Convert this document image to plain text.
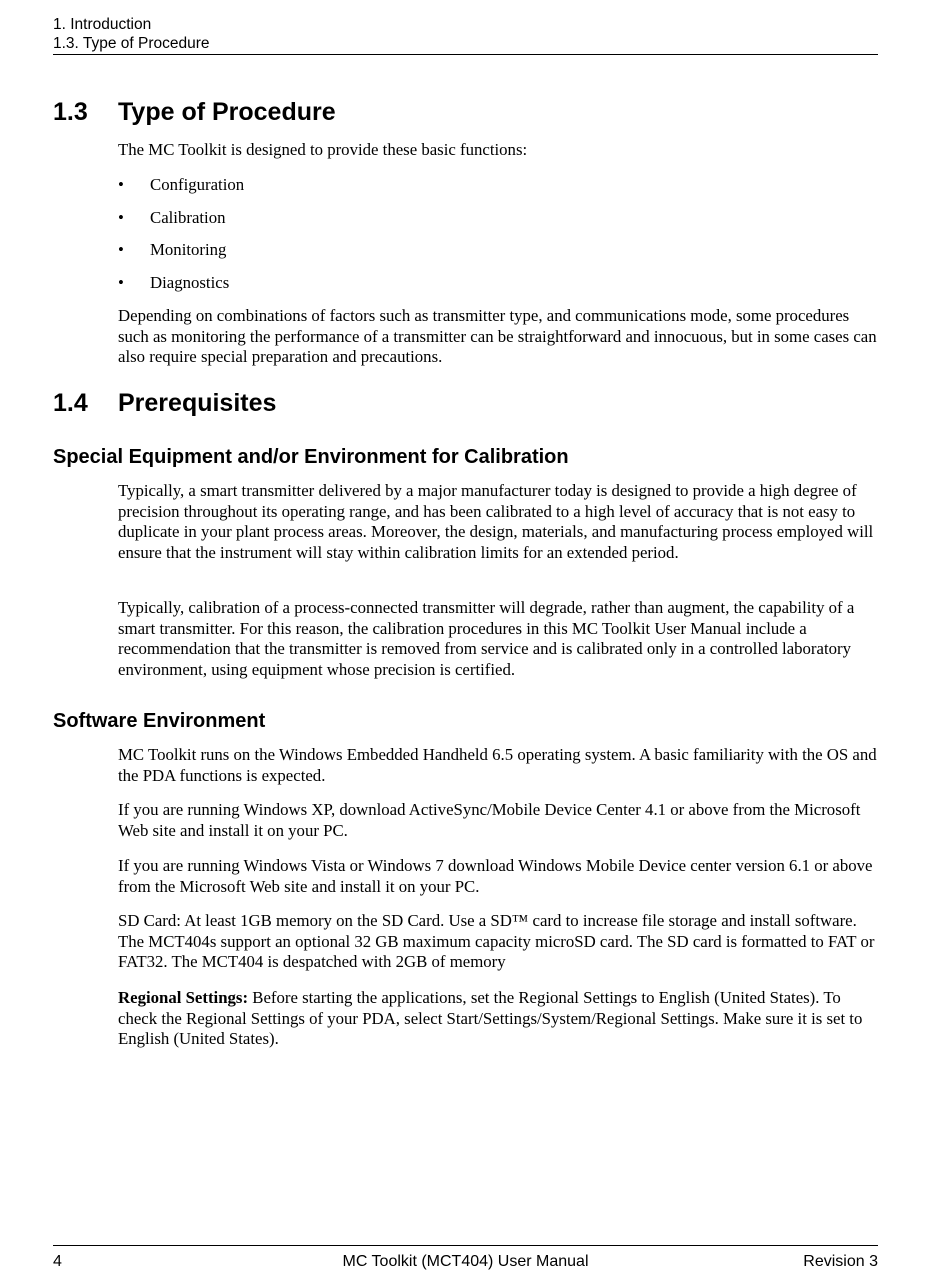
1. Introduction
1.3. Type of Procedure
1.3 Type of Procedure

The MC Toolkit is designed to provide these basic functions:

• Configuration
• Calibration
• Monitoring
• Diagnostics

Depending on combinations of factors such as transmitter type, and communications mode, some procedures such as monitoring the performance of a transmitter can be straightforward and innocuous, but in some cases can also require special preparation and precautions.

1.4 Prerequisites
Special Equipment and/or Environment for Calibration

Typically, a smart transmitter delivered by a major manufacturer today is designed to provide a high degree of precision throughout its operating range, and has been calibrated to a high level of accuracy that is not easy to duplicate in your plant process areas. Moreover, the design, materials, and manufacturing process employed will ensure that the instrument will stay within calibration limits for an extended period.

Typically, calibration of a process-connected transmitter will degrade, rather than augment, the capability of a smart transmitter. For this reason, the calibration procedures in this MC Toolkit User Manual include a recommendation that the transmitter is removed from service and is calibrated only in a controlled laboratory environment, using equipment whose precision is certified.

Software Environment

MC Toolkit runs on the Windows Embedded Handheld 6.5 operating system. A basic familiarity with the OS and the PDA functions is expected.

If you are running Windows XP, download ActiveSync/Mobile Device Center 4.1 or above from the Microsoft Web site and install it on your PC.

If you are running Windows Vista or Windows 7 download Windows Mobile Device center version 6.1 or above from the Microsoft Web site and install it on your PC.

SD Card: At least 1GB memory on the SD Card. Use a SD™ card to increase file storage and install software. The MCT404s support an optional 32 GB maximum capacity microSD card. The SD card is formatted to FAT or FAT32. The MCT404 is despatched with 2GB of memory

Regional Settings: Before starting the applications, set the Regional Settings to English (United States). To check the Regional Settings of your PDA, select Start/Settings/System/Regional Settings. Make sure it is set to English (United States).

4	MC Toolkit (MCT404) User Manual	Revision 3
